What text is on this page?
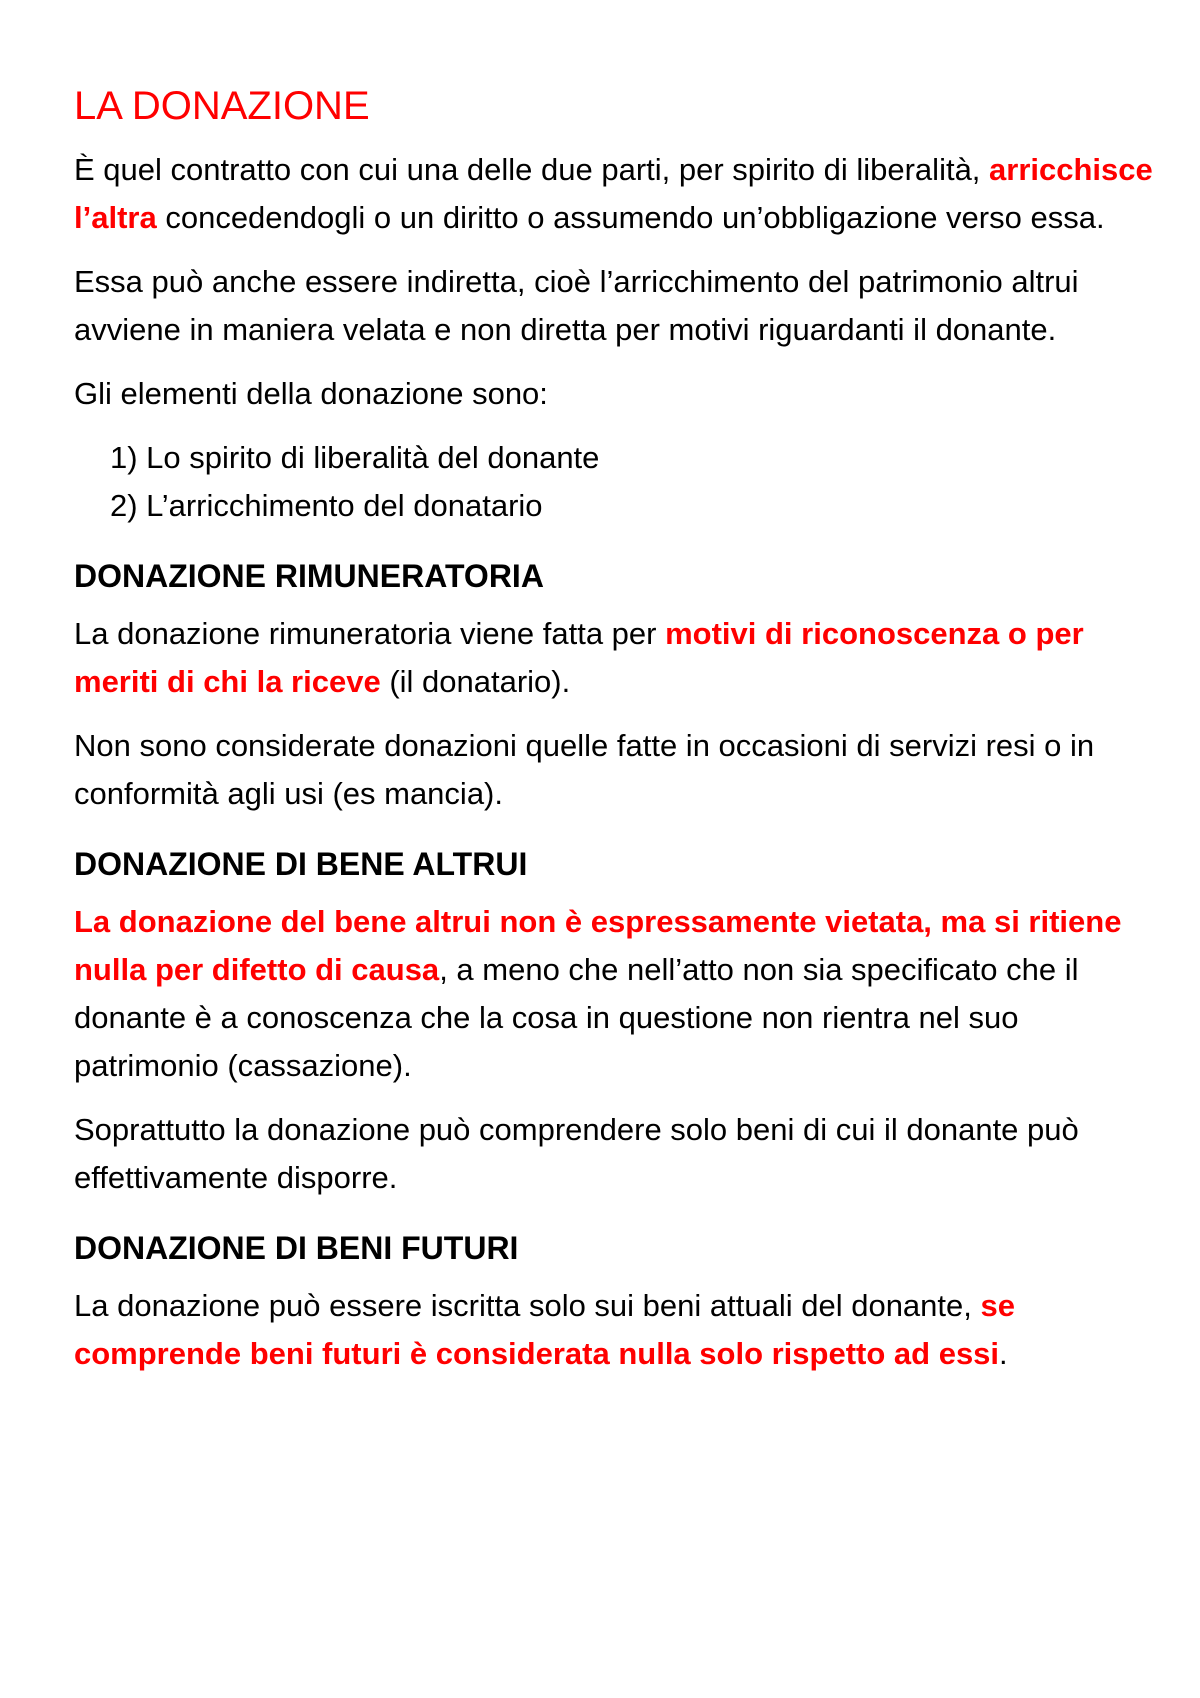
LA DONAZIONE

È quel contratto con cui una delle due parti, per spirito di liberalità, arricchisce l’altra concedendogli o un diritto o assumendo un’obbligazione verso essa.

Essa può anche essere indiretta, cioè l’arricchimento del patrimonio altrui avviene in maniera velata e non diretta per motivi riguardanti il donante.

Gli elementi della donazione sono:

1) Lo spirito di liberalità del donante
2) L’arricchimento del donatario
DONAZIONE RIMUNERATORIA

La donazione rimuneratoria viene fatta per motivi di riconoscenza o per meriti di chi la riceve (il donatario).

Non sono considerate donazioni quelle fatte in occasioni di servizi resi o in conformità agli usi (es mancia).

DONAZIONE DI BENE ALTRUI

La donazione del bene altrui non è espressamente vietata, ma si ritiene nulla per difetto di causa, a meno che nell’atto non sia specificato che il donante è a conoscenza che la cosa in questione non rientra nel suo patrimonio (cassazione).

Soprattutto la donazione può comprendere solo beni di cui il donante può effettivamente disporre.

DONAZIONE DI BENI FUTURI

La donazione può essere iscritta solo sui beni attuali del donante, se comprende beni futuri è considerata nulla solo rispetto ad essi.
